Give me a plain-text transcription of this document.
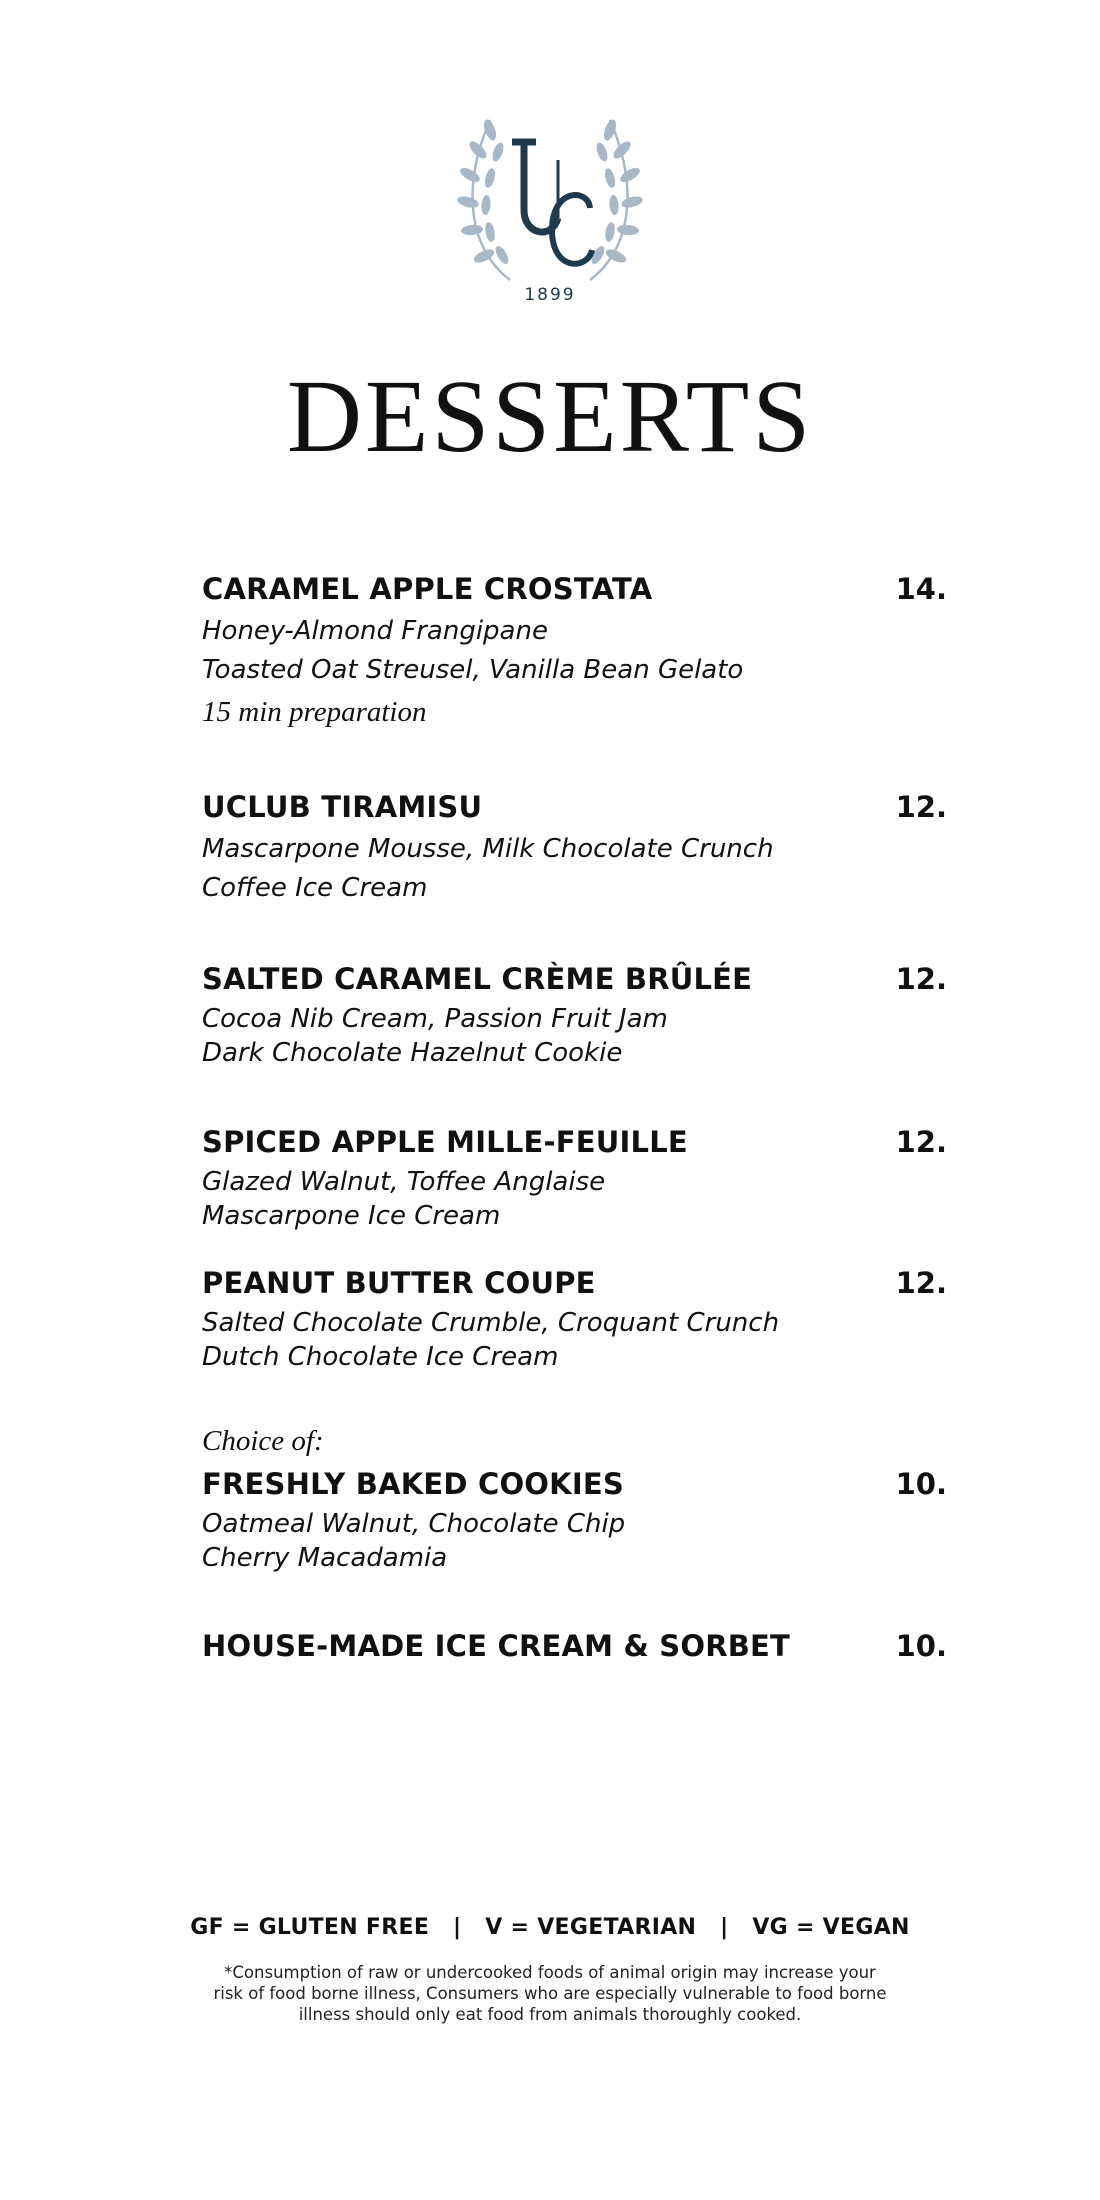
1899
DESSERTS
CARAMEL APPLE CROSTATA	14.
Honey-Almond Frangipane
Toasted Oat Streusel, Vanilla Bean Gelato
15 min preparation
UCLUB TIRAMISU	12.
Mascarpone Mousse, Milk Chocolate Crunch
Coffee Ice Cream
SALTED CARAMEL CRÈME BRÛLÉE	12.
Cocoa Nib Cream, Passion Fruit Jam
Dark Chocolate Hazelnut Cookie
SPICED APPLE MILLE-FEUILLE	12.
Glazed Walnut, Toffee Anglaise
Mascarpone Ice Cream
PEANUT BUTTER COUPE	12.
Salted Chocolate Crumble, Croquant Crunch
Dutch Chocolate Ice Cream
Choice of:
FRESHLY BAKED COOKIES	10.
Oatmeal Walnut, Chocolate Chip
Cherry Macadamia
HOUSE-MADE ICE CREAM & SORBET	10.
GF = GLUTEN FREE   |   V = VEGETARIAN   |   VG = VEGAN
*Consumption of raw or undercooked foods of animal origin may increase your risk of food borne illness, Consumers who are especially vulnerable to food borne illness should only eat food from animals thoroughly cooked.
